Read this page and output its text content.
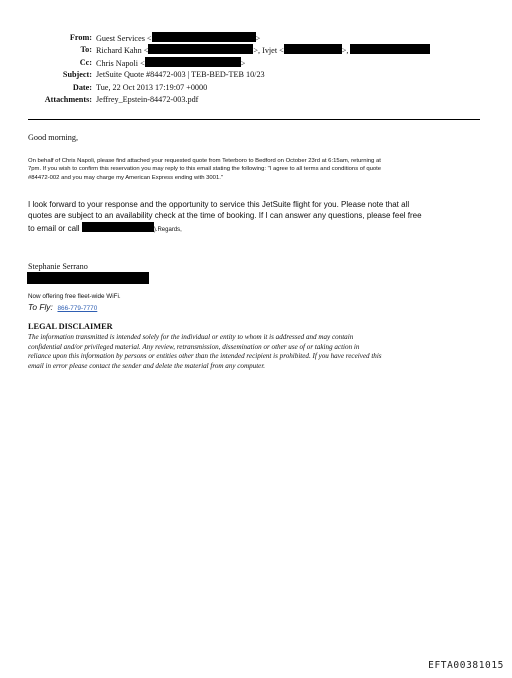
From: Guest Services <	>
To: Richard Kahn <	>, Ivjet <	>,
Cc: Chris Napoli <	>
Subject: JetSuite Quote #84472-003 | TEB-BED-TEB 10/23
Date: Tue, 22 Oct 2013 17:19:07 +0000
Attachments: Jeffrey_Epstein-84472-003.pdf
Good morning,
On behalf of Chris Napoli, please find attached your requested quote from Teterboro to Bedford on October 23rd at 6:15am, returning at
7pm. If you wish to confirm this reservation you may reply to this email stating the following: "I agree to all terms and conditions of quote
#84472-002 and you may charge my American Express ending with 3001."
I look forward to your response and the opportunity to service this JetSuite flight for you. Please note that all
quotes are subject to an availability check at the time of booking. If I can answer any questions, please feel free
to email or call	).Regards,
Stephanie Serrano
JetSuite Guest Services
Now offering free fleet-wide WiFi.
To Fly: 866-779-7770
LEGAL DISCLAIMER
The information transmitted is intended solely for the individual or entity to whom it is addressed and may contain
confidential and/or privileged material. Any review, retransmission, dissemination or other use of or taking action in
reliance upon this information by persons or entities other than the intended recipient is prohibited. If you have received this
email in error please contact the sender and delete the material from any computer.
EFTA00381015
